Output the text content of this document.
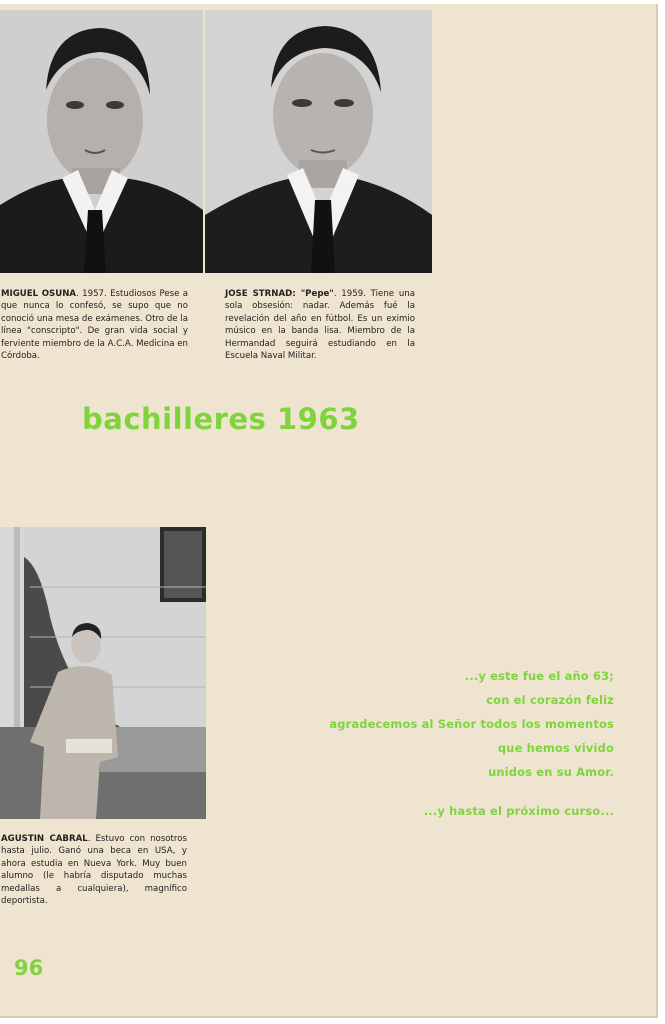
MIGUEL OSUNA. 1957. Estudiosos Pese a que nunca lo confesó, se supo que no conoció una mesa de exámenes. Otro de la línea "conscripto". De gran vida social y ferviente miembro de la A.C.A. Medicina en Córdoba.
JOSE STRNAD: "Pepe". 1959. Tiene una sola obsesión: nadar. Además fué la revelación del año en fútbol. Es un eximio músico en la banda lisa. Miembro de la Hermandad seguirá estudiando en la Escuela Naval Militar.
bachilleres 1963
AGUSTIN CABRAL. Estuvo con nosotros hasta julio. Ganó una beca en USA, y ahora estudia en Nueva York. Muy buen alumno (le habría disputado muchas medallas a cualquiera), magnífico deportista.
...y este fue el año 63;
con el corazón feliz
agradecemos al Señor todos los momentos
que hemos vivido
unidos en su Amor.
...y hasta el próximo curso...
96
